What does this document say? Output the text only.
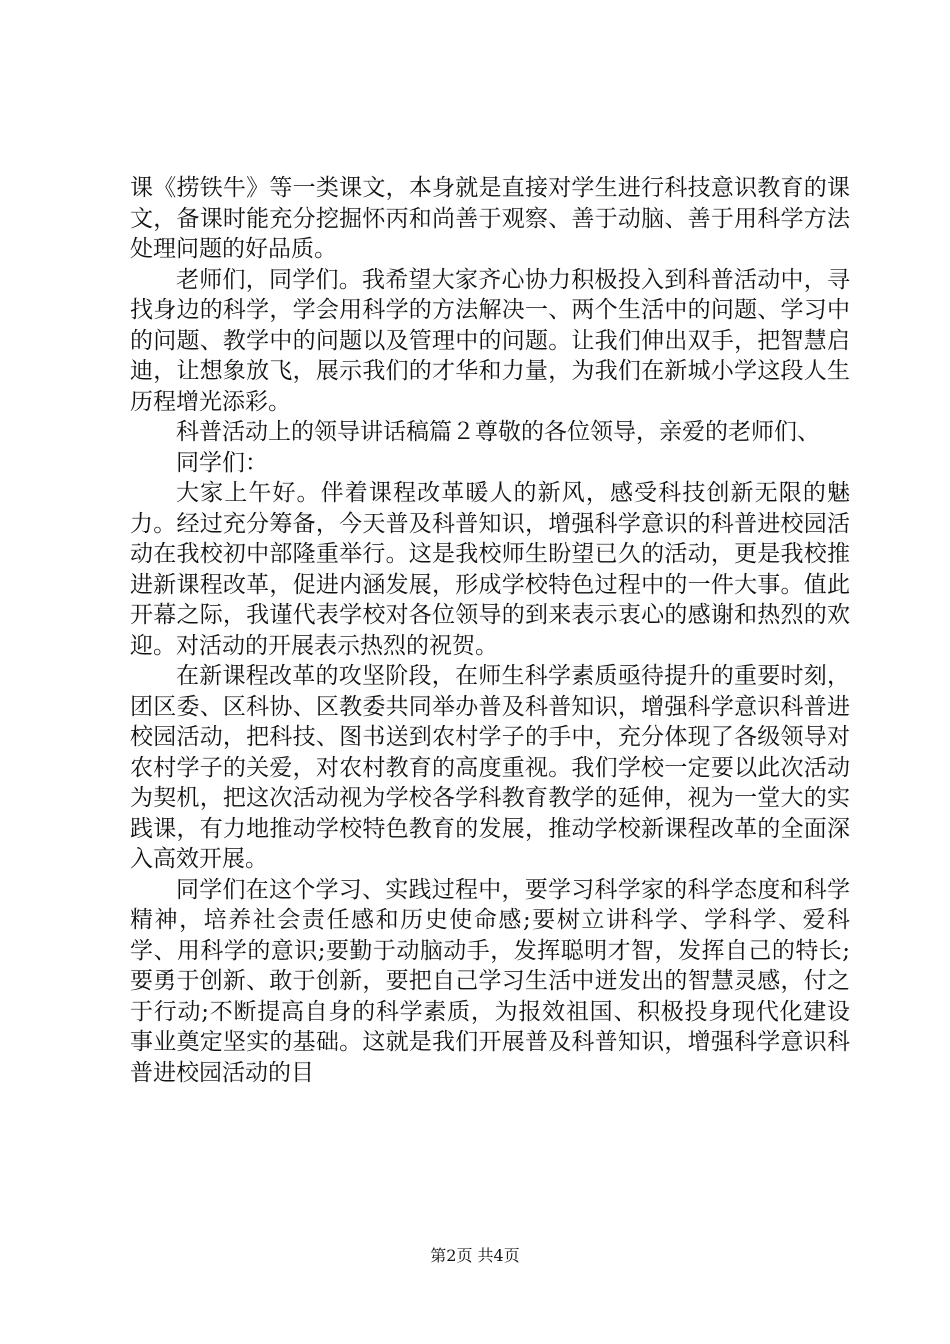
课《捞铁牛》等一类课文，本身就是直接对学生进行科技意识教育的课文，备课时能充分挖掘怀丙和尚善于观察、善于动脑、善于用科学方法处理问题的好品质。

老师们，同学们。我希望大家齐心协力积极投入到科普活动中，寻找身边的科学，学会用科学的方法解决一、两个生活中的问题、学习中的问题、教学中的问题以及管理中的问题。让我们伸出双手，把智慧启迪，让想象放飞，展示我们的才华和力量，为我们在新城小学这段人生历程增光添彩。

科普活动上的领导讲话稿篇２尊敬的各位领导，亲爱的老师们、

同学们：

大家上午好。伴着课程改革暖人的新风，感受科技创新无限的魅力。经过充分筹备，今天普及科普知识，增强科学意识的科普进校园活动在我校初中部隆重举行。这是我校师生盼望已久的活动，更是我校推进新课程改革，促进内涵发展，形成学校特色过程中的一件大事。值此开幕之际，我谨代表学校对各位领导的到来表示衷心的感谢和热烈的欢迎。对活动的开展表示热烈的祝贺。

在新课程改革的攻坚阶段，在师生科学素质亟待提升的重要时刻，团区委、区科协、区教委共同举办普及科普知识，增强科学意识科普进校园活动，把科技、图书送到农村学子的手中，充分体现了各级领导对农村学子的关爱，对农村教育的高度重视。我们学校一定要以此次活动为契机，把这次活动视为学校各学科教育教学的延伸，视为一堂大的实践课，有力地推动学校特色教育的发展，推动学校新课程改革的全面深入高效开展。

同学们在这个学习、实践过程中，要学习科学家的科学态度和科学精神，培养社会责任感和历史使命感;要树立讲科学、学科学、爱科学、用科学的意识;要勤于动脑动手，发挥聪明才智，发挥自己的特长;要勇于创新、敢于创新，要把自己学习生活中迸发出的智慧灵感，付之于行动;不断提高自身的科学素质，为报效祖国、积极投身现代化建设事业奠定坚实的基础。这就是我们开展普及科普知识，增强科学意识科普进校园活动的目

第2页 共4页
